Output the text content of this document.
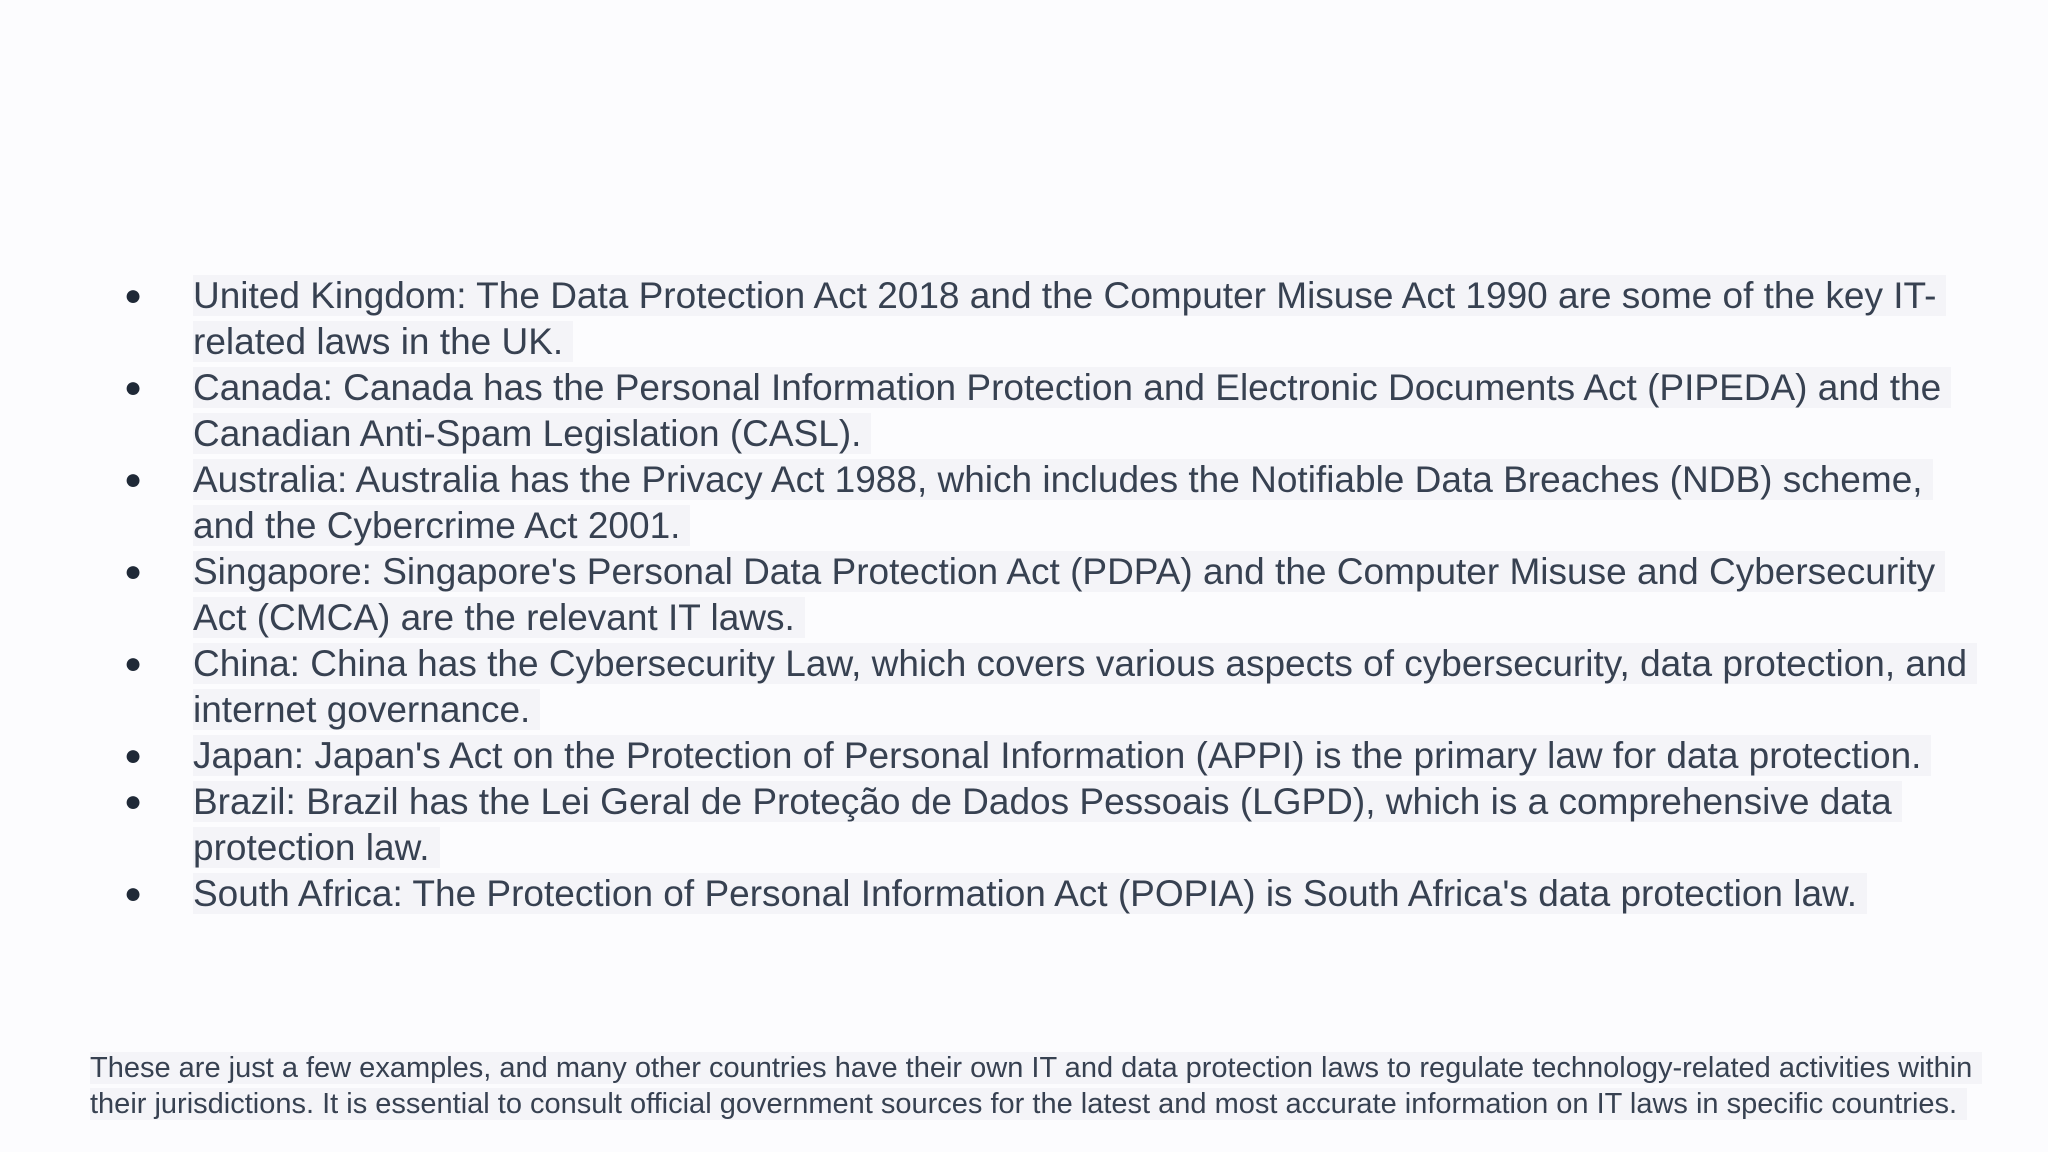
● United Kingdom: The Data Protection Act 2018 and the Computer Misuse Act 1990 are some of the key IT-related laws in the UK.
● Canada: Canada has the Personal Information Protection and Electronic Documents Act (PIPEDA) and the Canadian Anti-Spam Legislation (CASL).
● Australia: Australia has the Privacy Act 1988, which includes the Notifiable Data Breaches (NDB) scheme, and the Cybercrime Act 2001.
● Singapore: Singapore's Personal Data Protection Act (PDPA) and the Computer Misuse and Cybersecurity Act (CMCA) are the relevant IT laws.
● China: China has the Cybersecurity Law, which covers various aspects of cybersecurity, data protection, and internet governance.
● Japan: Japan's Act on the Protection of Personal Information (APPI) is the primary law for data protection.
● Brazil: Brazil has the Lei Geral de Proteção de Dados Pessoais (LGPD), which is a comprehensive data protection law.
● South Africa: The Protection of Personal Information Act (POPIA) is South Africa's data protection law.

These are just a few examples, and many other countries have their own IT and data protection laws to regulate technology-related activities within their jurisdictions. It is essential to consult official government sources for the latest and most accurate information on IT laws in specific countries.
